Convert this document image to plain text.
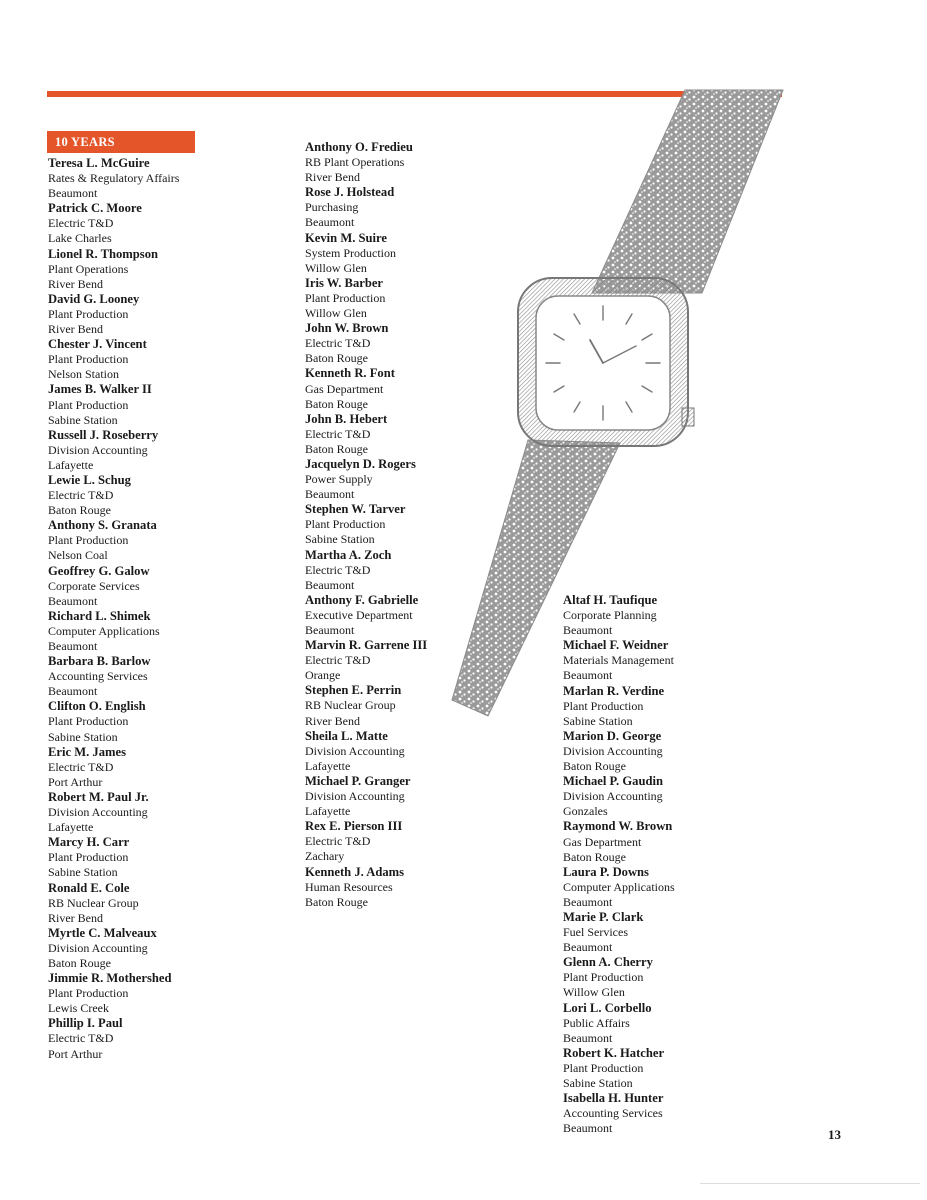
10 YEARS
Teresa L. McGuire
Rates & Regulatory Affairs
Beaumont
Patrick C. Moore
Electric T&D
Lake Charles
Lionel R. Thompson
Plant Operations
River Bend
David G. Looney
Plant Production
River Bend
Chester J. Vincent
Plant Production
Nelson Station
James B. Walker II
Plant Production
Sabine Station
Russell J. Roseberry
Division Accounting
Lafayette
Lewie L. Schug
Electric T&D
Baton Rouge
Anthony S. Granata
Plant Production
Nelson Coal
Geoffrey G. Galow
Corporate Services
Beaumont
Richard L. Shimek
Computer Applications
Beaumont
Barbara B. Barlow
Accounting Services
Beaumont
Clifton O. English
Plant Production
Sabine Station
Eric M. James
Electric T&D
Port Arthur
Robert M. Paul Jr.
Division Accounting
Lafayette
Marcy H. Carr
Plant Production
Sabine Station
Ronald E. Cole
RB Nuclear Group
River Bend
Myrtle C. Malveaux
Division Accounting
Baton Rouge
Jimmie R. Mothershed
Plant Production
Lewis Creek
Phillip I. Paul
Electric T&D
Port Arthur
Anthony O. Fredieu
RB Plant Operations
River Bend
Rose J. Holstead
Purchasing
Beaumont
Kevin M. Suire
System Production
Willow Glen
Iris W. Barber
Plant Production
Willow Glen
John W. Brown
Electric T&D
Baton Rouge
Kenneth R. Font
Gas Department
Baton Rouge
John B. Hebert
Electric T&D
Baton Rouge
Jacquelyn D. Rogers
Power Supply
Beaumont
Stephen W. Tarver
Plant Production
Sabine Station
Martha A. Zoch
Electric T&D
Beaumont
Anthony F. Gabrielle
Executive Department
Beaumont
Marvin R. Garrene III
Electric T&D
Orange
Stephen E. Perrin
RB Nuclear Group
River Bend
Sheila L. Matte
Division Accounting
Lafayette
Michael P. Granger
Division Accounting
Lafayette
Rex E. Pierson III
Electric T&D
Zachary
Kenneth J. Adams
Human Resources
Baton Rouge
Altaf H. Taufique
Corporate Planning
Beaumont
Michael F. Weidner
Materials Management
Beaumont
Marlan R. Verdine
Plant Production
Sabine Station
Marion D. George
Division Accounting
Baton Rouge
Michael P. Gaudin
Division Accounting
Gonzales
Raymond W. Brown
Gas Department
Baton Rouge
Laura P. Downs
Computer Applications
Beaumont
Marie P. Clark
Fuel Services
Beaumont
Glenn A. Cherry
Plant Production
Willow Glen
Lori L. Corbello
Public Affairs
Beaumont
Robert K. Hatcher
Plant Production
Sabine Station
Isabella H. Hunter
Accounting Services
Beaumont	13
